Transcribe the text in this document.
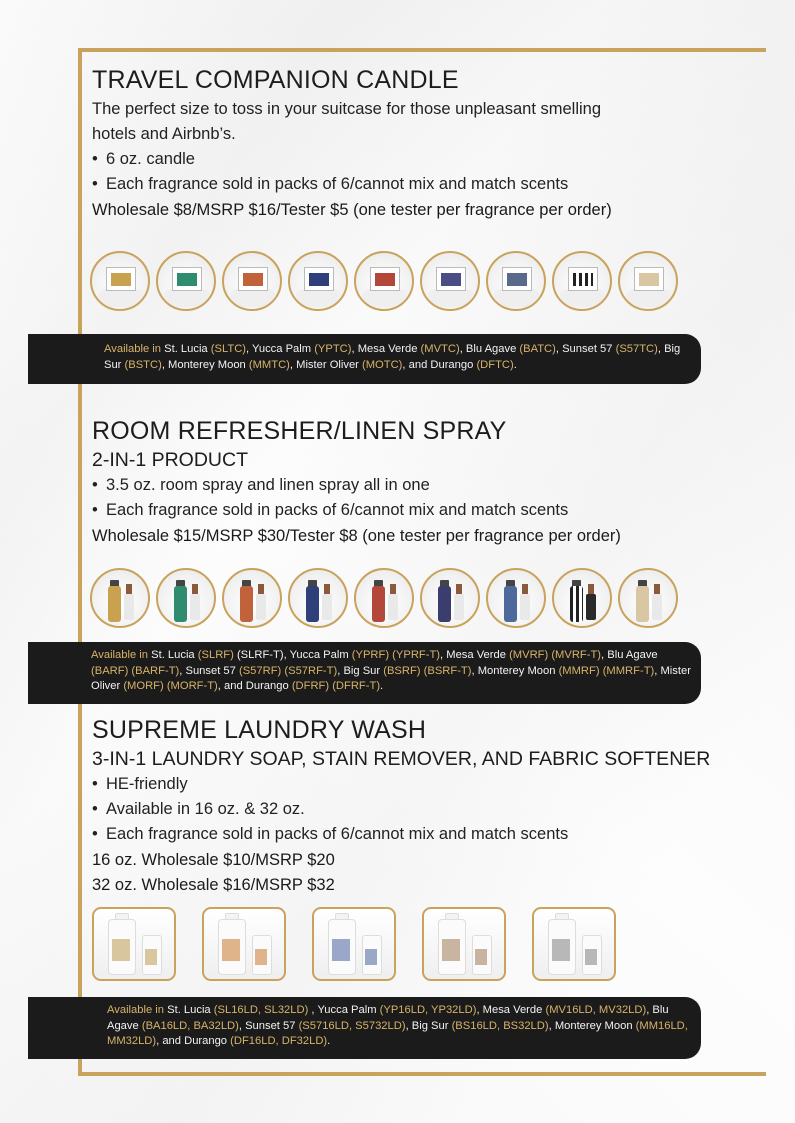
TRAVEL COMPANION CANDLE
The perfect size to toss in your suitcase for those unpleasant smelling
hotels and Airbnb’s.
• 6 oz. candle
• Each fragrance sold in packs of 6/cannot mix and match scents
Wholesale $8/MSRP $16/Tester $5 (one tester per fragrance per order)
Available in St. Lucia (SLTC), Yucca Palm (YPTC), Mesa Verde (MVTC), Blu Agave (BATC), Sunset 57 (S57TC), Big Sur (BSTC), Monterey Moon (MMTC), Mister Oliver (MOTC), and Durango (DFTC).
ROOM REFRESHER/LINEN SPRAY
2-IN-1 PRODUCT
• 3.5 oz. room spray and linen spray all in one
• Each fragrance sold in packs of 6/cannot mix and match scents
Wholesale $15/MSRP $30/Tester $8 (one tester per fragrance per order)
Available in St. Lucia (SLRF) (SLRF-T), Yucca Palm (YPRF) (YPRF-T), Mesa Verde (MVRF) (MVRF-T), Blu Agave (BARF) (BARF-T), Sunset 57 (S57RF) (S57RF-T), Big Sur (BSRF) (BSRF-T), Monterey Moon (MMRF) (MMRF-T), Mister Oliver (MORF) (MORF-T), and Durango (DFRF) (DFRF-T).
SUPREME LAUNDRY WASH
3-IN-1 LAUNDRY SOAP, STAIN REMOVER, AND FABRIC SOFTENER
• HE-friendly
• Available in 16 oz. & 32 oz.
• Each fragrance sold in packs of 6/cannot mix and match scents
16 oz. Wholesale $10/MSRP $20
32 oz. Wholesale $16/MSRP $32
Available in St. Lucia (SL16LD, SL32LD) , Yucca Palm (YP16LD, YP32LD), Mesa Verde (MV16LD, MV32LD), Blu Agave (BA16LD, BA32LD), Sunset 57 (S5716LD, S5732LD), Big Sur (BS16LD, BS32LD), Monterey Moon (MM16LD, MM32LD), and Durango (DF16LD, DF32LD).
